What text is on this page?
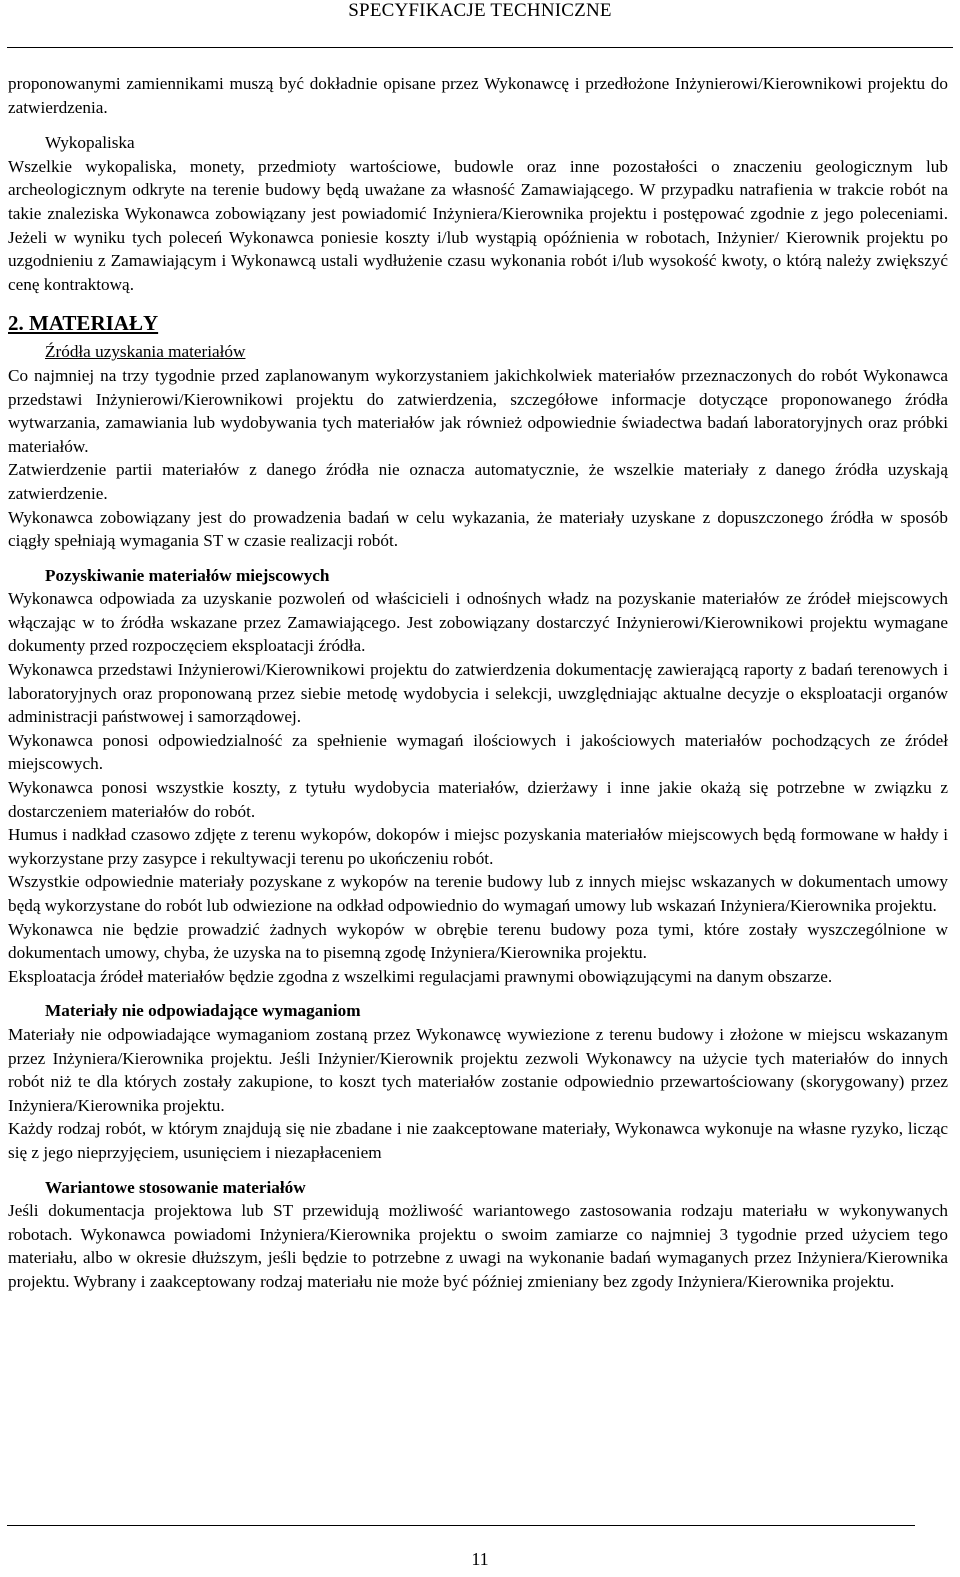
SPECYFIKACJE TECHNICZNE

proponowanymi zamiennikami muszą być dokładnie opisane przez Wykonawcę i przedłożone Inżynierowi/Kierownikowi projektu do zatwierdzenia.

Wykopaliska

Wszelkie wykopaliska, monety, przedmioty wartościowe, budowle oraz inne pozostałości o znaczeniu geologicznym lub archeologicznym odkryte na terenie budowy będą uważane za własność Zamawiającego. W przypadku natrafienia w trakcie robót na takie znaleziska Wykonawca zobowiązany jest powiadomić Inżyniera/Kierownika projektu i postępować zgodnie z jego poleceniami. Jeżeli w wyniku tych poleceń Wykonawca poniesie koszty i/lub wystąpią opóźnienia w robotach, Inżynier/ Kierownik projektu po uzgodnieniu z Zamawiającym i Wykonawcą ustali wydłużenie czasu wykonania robót i/lub wysokość kwoty, o którą należy zwiększyć cenę kontraktową.

2. MATERIAŁY
Źródła uzyskania materiałów

Co najmniej na trzy tygodnie przed zaplanowanym wykorzystaniem jakichkolwiek materiałów przeznaczonych do robót Wykonawca przedstawi Inżynierowi/Kierownikowi projektu do zatwierdzenia, szczegółowe informacje dotyczące proponowanego źródła wytwarzania, zamawiania lub wydobywania tych materiałów jak również odpowiednie świadectwa badań laboratoryjnych oraz próbki materiałów.

Zatwierdzenie partii materiałów z danego źródła nie oznacza automatycznie, że wszelkie materiały z danego źródła uzyskają zatwierdzenie.

Wykonawca zobowiązany jest do prowadzenia badań w celu wykazania, że materiały uzyskane z dopuszczonego źródła w sposób ciągły spełniają wymagania ST w czasie realizacji robót.

Pozyskiwanie materiałów miejscowych

Wykonawca odpowiada za uzyskanie pozwoleń od właścicieli i odnośnych władz na pozyskanie materiałów ze źródeł miejscowych włączając w to źródła wskazane przez Zamawiającego. Jest zobowiązany dostarczyć Inżynierowi/Kierownikowi projektu wymagane dokumenty przed rozpoczęciem eksploatacji źródła.

Wykonawca przedstawi Inżynierowi/Kierownikowi projektu do zatwierdzenia dokumentację zawierającą raporty z badań terenowych i laboratoryjnych oraz proponowaną przez siebie metodę wydobycia i selekcji, uwzględniając aktualne decyzje o eksploatacji organów administracji państwowej i samorządowej.

Wykonawca ponosi odpowiedzialność za spełnienie wymagań ilościowych i jakościowych materiałów pochodzących ze źródeł miejscowych.

Wykonawca ponosi wszystkie koszty, z tytułu wydobycia materiałów, dzierżawy i inne jakie okażą się potrzebne w związku z dostarczeniem materiałów do robót.

Humus i nadkład czasowo zdjęte z terenu wykopów, dokopów i miejsc pozyskania materiałów miejscowych będą formowane w hałdy i wykorzystane przy zasypce i rekultywacji terenu po ukończeniu robót.

Wszystkie odpowiednie materiały pozyskane z wykopów na terenie budowy lub z innych miejsc wskazanych w dokumentach umowy będą wykorzystane do robót lub odwiezione na odkład odpowiednio do wymagań umowy lub wskazań Inżyniera/Kierownika projektu.

Wykonawca nie będzie prowadzić żadnych wykopów w obrębie terenu budowy poza tymi, które zostały wyszczególnione w dokumentach umowy, chyba, że uzyska na to pisemną zgodę Inżyniera/Kierownika projektu.

Eksploatacja źródeł materiałów będzie zgodna z wszelkimi regulacjami prawnymi obowiązującymi na danym obszarze.

Materiały nie odpowiadające wymaganiom

Materiały nie odpowiadające wymaganiom zostaną przez Wykonawcę wywiezione z terenu budowy i złożone w miejscu wskazanym przez Inżyniera/Kierownika projektu. Jeśli Inżynier/Kierownik projektu zezwoli Wykonawcy na użycie tych materiałów do innych robót niż te dla których zostały zakupione, to koszt tych materiałów zostanie odpowiednio przewartościowany (skorygowany) przez Inżyniera/Kierownika projektu.

Każdy rodzaj robót, w którym znajdują się nie zbadane i nie zaakceptowane materiały, Wykonawca wykonuje na własne ryzyko, licząc się z jego nieprzyjęciem, usunięciem i niezapłaceniem

Wariantowe stosowanie materiałów

Jeśli dokumentacja projektowa lub ST przewidują możliwość wariantowego zastosowania rodzaju materiału w wykonywanych robotach. Wykonawca powiadomi Inżyniera/Kierownika projektu o swoim zamiarze co najmniej 3 tygodnie przed użyciem tego materiału, albo w okresie dłuższym, jeśli będzie to potrzebne z uwagi na wykonanie badań wymaganych przez Inżyniera/Kierownika projektu. Wybrany i zaakceptowany rodzaj materiału nie może być później zmieniany bez zgody Inżyniera/Kierownika projektu.

11
